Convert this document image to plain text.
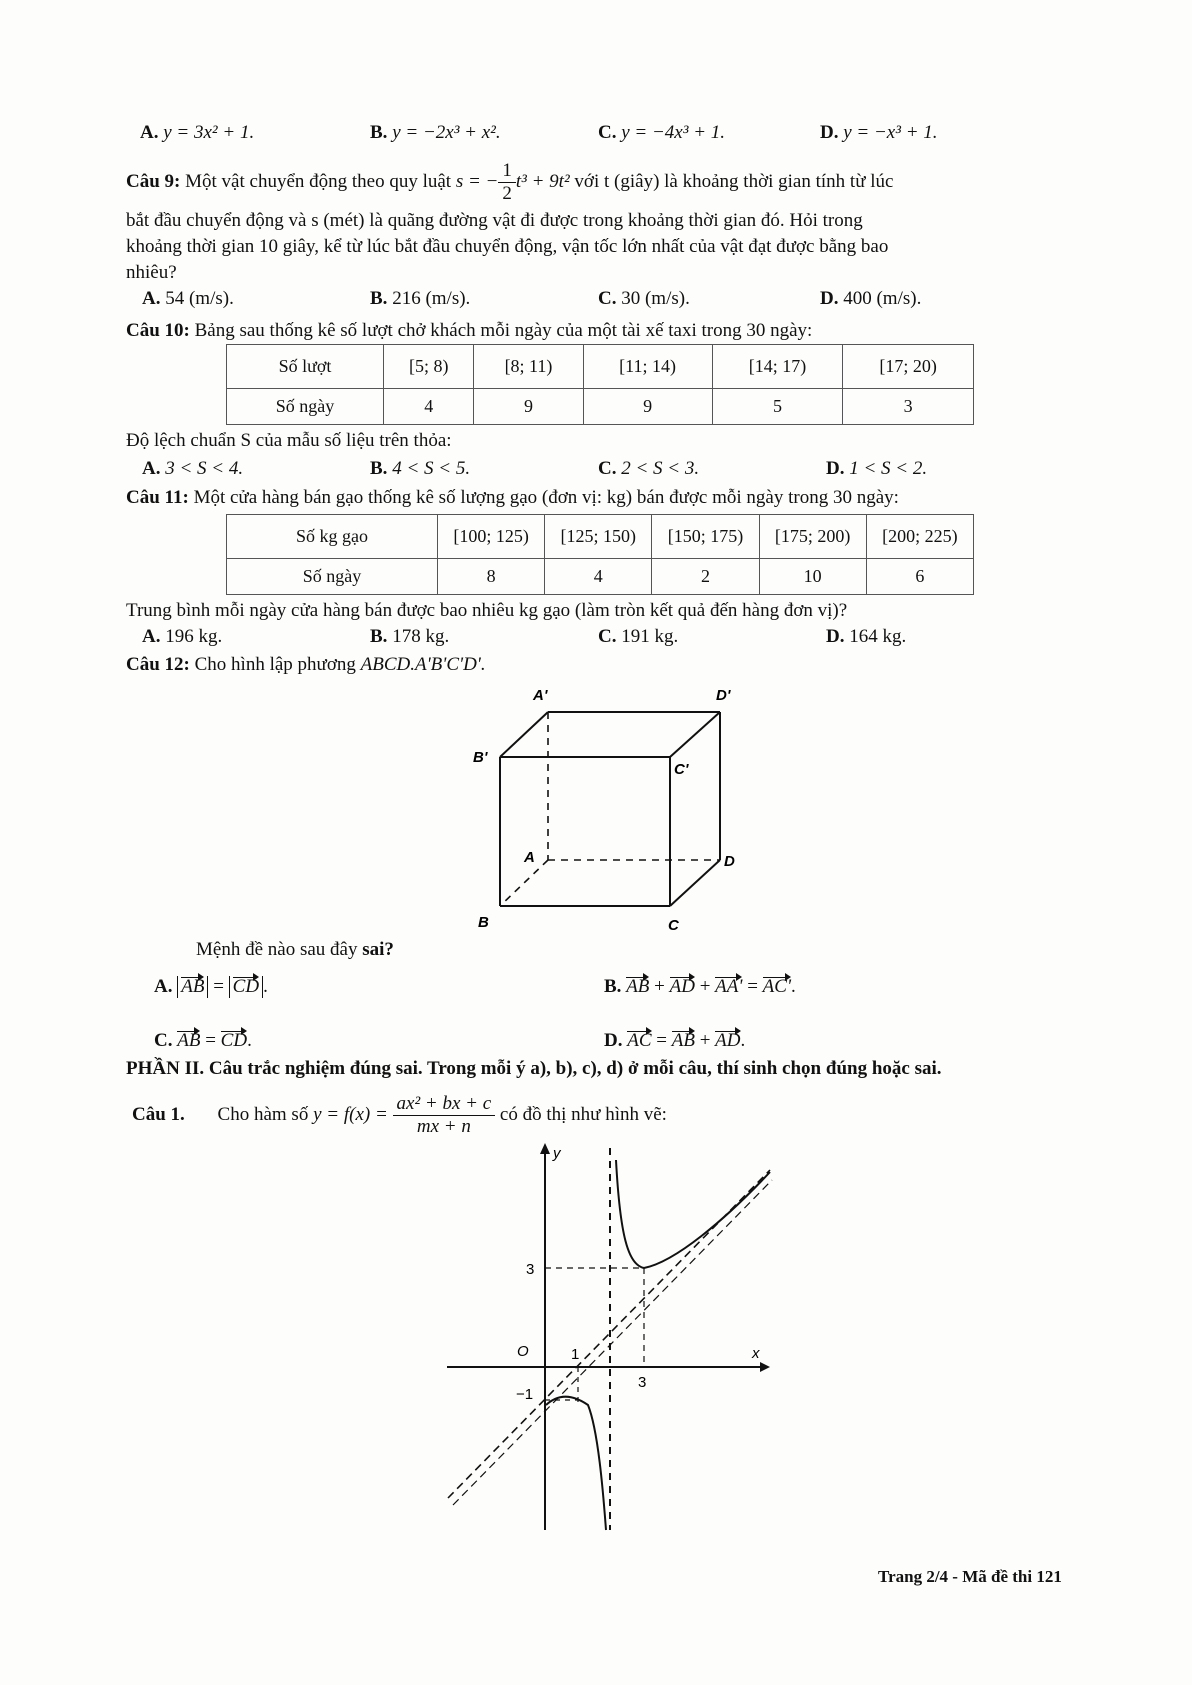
A. y = 3x² + 1.	B. y = −2x³ + x².	C. y = −4x³ + 1.	D. y = −x³ + 1.
Câu 9: Một vật chuyển động theo quy luật s = − $\frac{1}{2} t^3 + 9t^2$ với t (giây) là khoảng thời gian tính từ lúc
bắt đầu chuyển động và s (mét) là quãng đường vật đi được trong khoảng thời gian đó. Hỏi trong
khoảng thời gian 10 giây, kể từ lúc bắt đầu chuyển động, vận tốc lớn nhất của vật đạt được bằng bao
nhiêu?
A. 54 (m/s).	B. 216 (m/s).	C. 30 (m/s).	D. 400 (m/s).
Câu 10: Bảng sau thống kê số lượt chở khách mỗi ngày của một tài xế taxi trong 30 ngày:
Số lượt	[5; 8)	[8; 11)	[11; 14)	[14; 17)	[17; 20)
Số ngày	4	9	9	5	3
Độ lệch chuẩn S của mẫu số liệu trên thỏa:
A. 3 < S < 4.	B. 4 < S < 5.	C. 2 < S < 3.	D. 1 < S < 2.
Câu 11: Một cửa hàng bán gạo thống kê số lượng gạo (đơn vị: kg) bán được mỗi ngày trong 30 ngày:
Số kg gạo	[100; 125)	[125; 150)	[150; 175)	[175; 200)	[200; 225)
Số ngày	8	4	2	10	6
Trung bình mỗi ngày cửa hàng bán được bao nhiêu kg gạo (làm tròn kết quả đến hàng đơn vị)?
A. 196 kg.	B. 178 kg.	C. 191 kg.	D. 164 kg.
Câu 12: Cho hình lập phương ABCD.A'B'C'D'.
A'	D'
B'
C'
A	D
B	C
Mệnh đề nào sau đây sai?
A. AB = CD .	B. AB + AD + AA' = AC'.
C. AB = CD.	D. AC = AB + AD.
PHẦN II. Câu trắc nghiệm đúng sai. Trong mỗi ý a), b), c), d) ở mỗi câu, thí sinh chọn đúng hoặc sai.
Câu 1. Cho hàm số $y = f(x) = \frac{\text{ax² + bx + c}}{mx + n}$ có đồ thị như hình vẽ:
y
x
O
3
1
3
−1
Trang 2/4 - Mã đề thi 121
